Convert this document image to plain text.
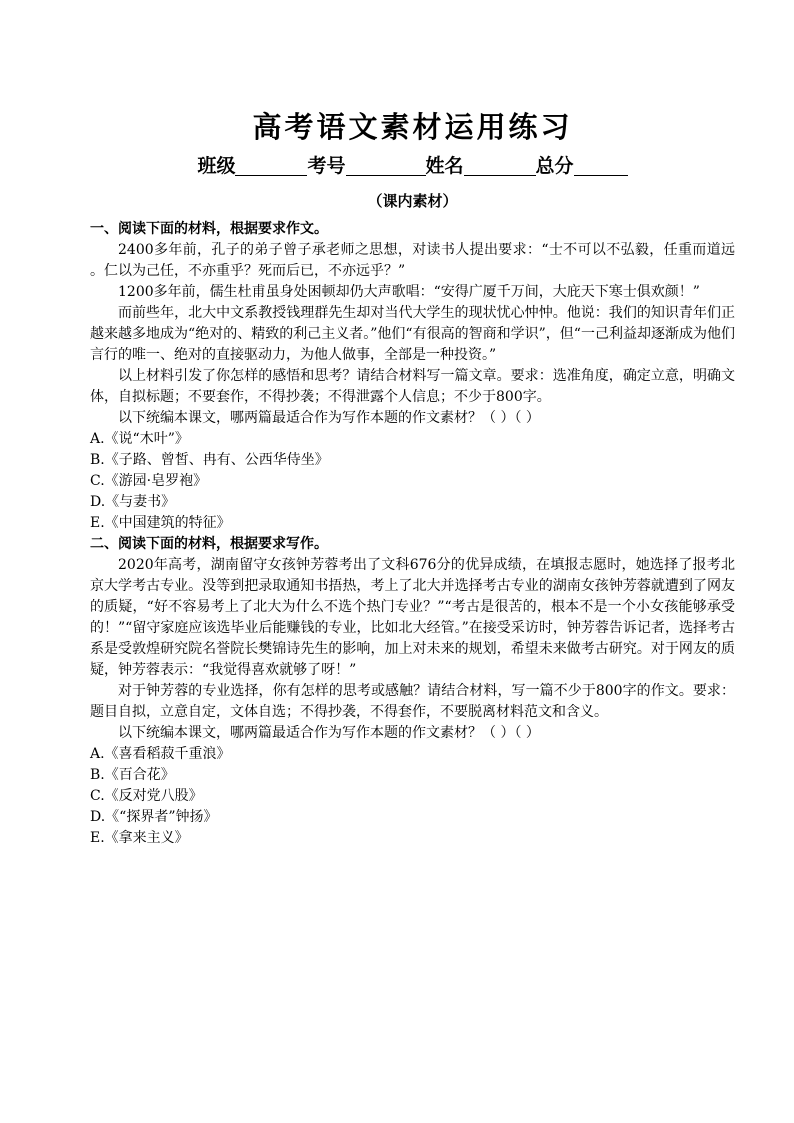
高考语文素材运用练习
班级	考号	姓名	总分
（课内素材）

一、阅读下面的材料，根据要求作文。

2400多年前，孔子的弟子曾子承老师之思想，对读书人提出要求：“士不可以不弘毅，任重而道远 。仁以为己任，不亦重乎？死而后已，不亦远乎？”

1200多年前，儒生杜甫虽身处困顿却仍大声歌唱：“安得广厦千万间，大庇天下寒士俱欢颜！”

而前些年，北大中文系教授钱理群先生却对当代大学生的现状忧心忡忡。他说：我们的知识青年们正越来越多地成为“绝对的、精致的利己主义者。”他们“有很高的智商和学识”，但“一己利益却逐渐成为他们言行的唯一、绝对的直接驱动力，为他人做事，全部是一种投资。”

以上材料引发了你怎样的感悟和思考？请结合材料写一篇文章。要求：选准角度，确定立意，明确文体，自拟标题；不要套作，不得抄袭；不得泄露个人信息；不少于800字。

以下统编本课文，哪两篇最适合作为写作本题的作文素材？（ ）（ ）

A.《说“木叶”》

B.《子路、曾皙、冉有、公西华侍坐》

C.《游园·皂罗袍》

D.《与妻书》

E.《中国建筑的特征》

二、阅读下面的材料，根据要求写作。

2020年高考，湖南留守女孩钟芳蓉考出了文科676分的优异成绩，在填报志愿时，她选择了报考北京大学考古专业。没等到把录取通知书捂热，考上了北大并选择考古专业的湖南女孩钟芳蓉就遭到了网友的质疑，“好不容易考上了北大为什么不选个热门专业？”“考古是很苦的，根本不是一个小女孩能够承受的！”“留守家庭应该选毕业后能赚钱的专业，比如北大经管。”在接受采访时，钟芳蓉告诉记者，选择考古系是受敦煌研究院名誉院长樊锦诗先生的影响，加上对未来的规划，希望未来做考古研究。对于网友的质疑，钟芳蓉表示：“我觉得喜欢就够了呀！”

对于钟芳蓉的专业选择，你有怎样的思考或感触？请结合材料，写一篇不少于800字的作文。要求：题目自拟，立意自定，文体自选；不得抄袭，不得套作，不要脱离材料范文和含义。

以下统编本课文，哪两篇最适合作为写作本题的作文素材？（ ）（ ）

A.《喜看稻菽千重浪》

B.《百合花》

C.《反对党八股》

D.《“探界者”钟扬》

E.《拿来主义》
